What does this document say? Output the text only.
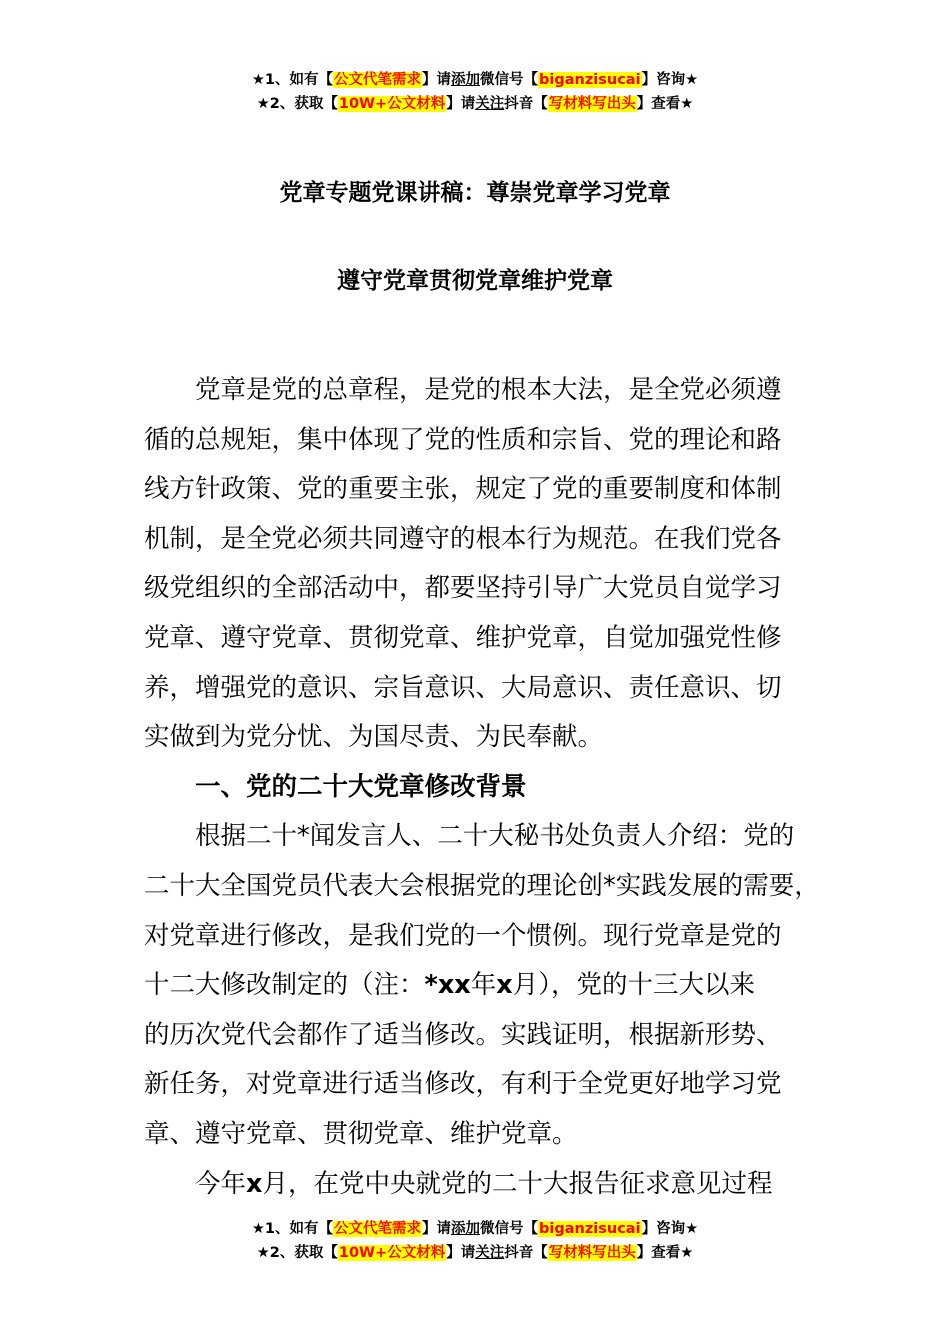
★1、如有【公文代笔需求】请添加微信号【biganzisucai】咨询★
★2、获取【10W+公文材料】请关注抖音【写材料写出头】查看★
党章专题党课讲稿：尊崇党章学习党章
遵守党章贯彻党章维护党章
党章是党的总章程，是党的根本大法，是全党必须遵
循的总规矩，集中体现了党的性质和宗旨、党的理论和路
线方针政策、党的重要主张，规定了党的重要制度和体制
机制，是全党必须共同遵守的根本行为规范。在我们党各
级党组织的全部活动中，都要坚持引导广大党员自觉学习
党章、遵守党章、贯彻党章、维护党章，自觉加强党性修
养，增强党的意识、宗旨意识、大局意识、责任意识、切
实做到为党分忧、为国尽责、为民奉献。
一、党的二十大党章修改背景
根据二十*闻发言人、二十大秘书处负责人介绍：党的
二十大全国党员代表大会根据党的理论创*实践发展的需要，
对党章进行修改，是我们党的一个惯例。现行党章是党的
十二大修改制定的（注：*xx年x月），党的十三大以来
的历次党代会都作了适当修改。实践证明，根据新形势、
新任务，对党章进行适当修改，有利于全党更好地学习党
章、遵守党章、贯彻党章、维护党章。
今年x月，在党中央就党的二十大报告征求意见过程
★1、如有【公文代笔需求】请添加微信号【biganzisucai】咨询★
★2、获取【10W+公文材料】请关注抖音【写材料写出头】查看★
